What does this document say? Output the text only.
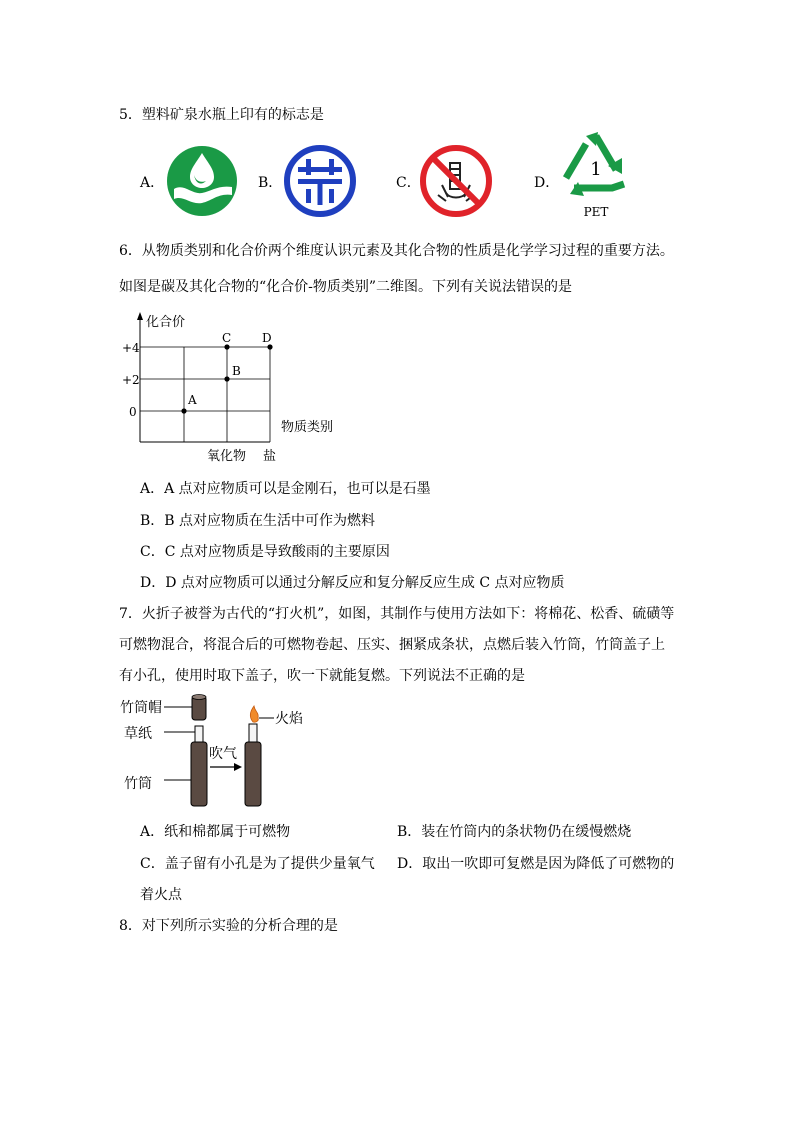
5．塑料矿泉水瓶上印有的标志是
A．	B．	C．	D．
1
PET
6．从物质类别和化合价两个维度认识元素及其化合物的性质是化学学习过程的重要方法。
如图是碳及其化合物的“化合价-物质类别”二维图。下列有关说法错误的是
化合价
物质类别
+4
+2
0
氧化物 盐
A
B
C	D
A．A 点对应物质可以是金刚石，也可以是石墨
B．B 点对应物质在生活中可作为燃料
C．C 点对应物质是导致酸雨的主要原因
D．D 点对应物质可以通过分解反应和复分解反应生成 C 点对应物质
7．火折子被誉为古代的“打火机”，如图，其制作与使用方法如下：将棉花、松香、硫磺等
可燃物混合，将混合后的可燃物卷起、压实、捆紧成条状，点燃后装入竹筒，竹筒盖子上
有小孔，使用时取下盖子，吹一下就能复燃。下列说法不正确的是
竹筒帽
草纸
竹筒
吹气
火焰
A．纸和棉都属于可燃物	B．装在竹筒内的条状物仍在缓慢燃烧
C．盖子留有小孔是为了提供少量氧气 D．取出一吹即可复燃是因为降低了可燃物的
着火点
8．对下列所示实验的分析合理的是
